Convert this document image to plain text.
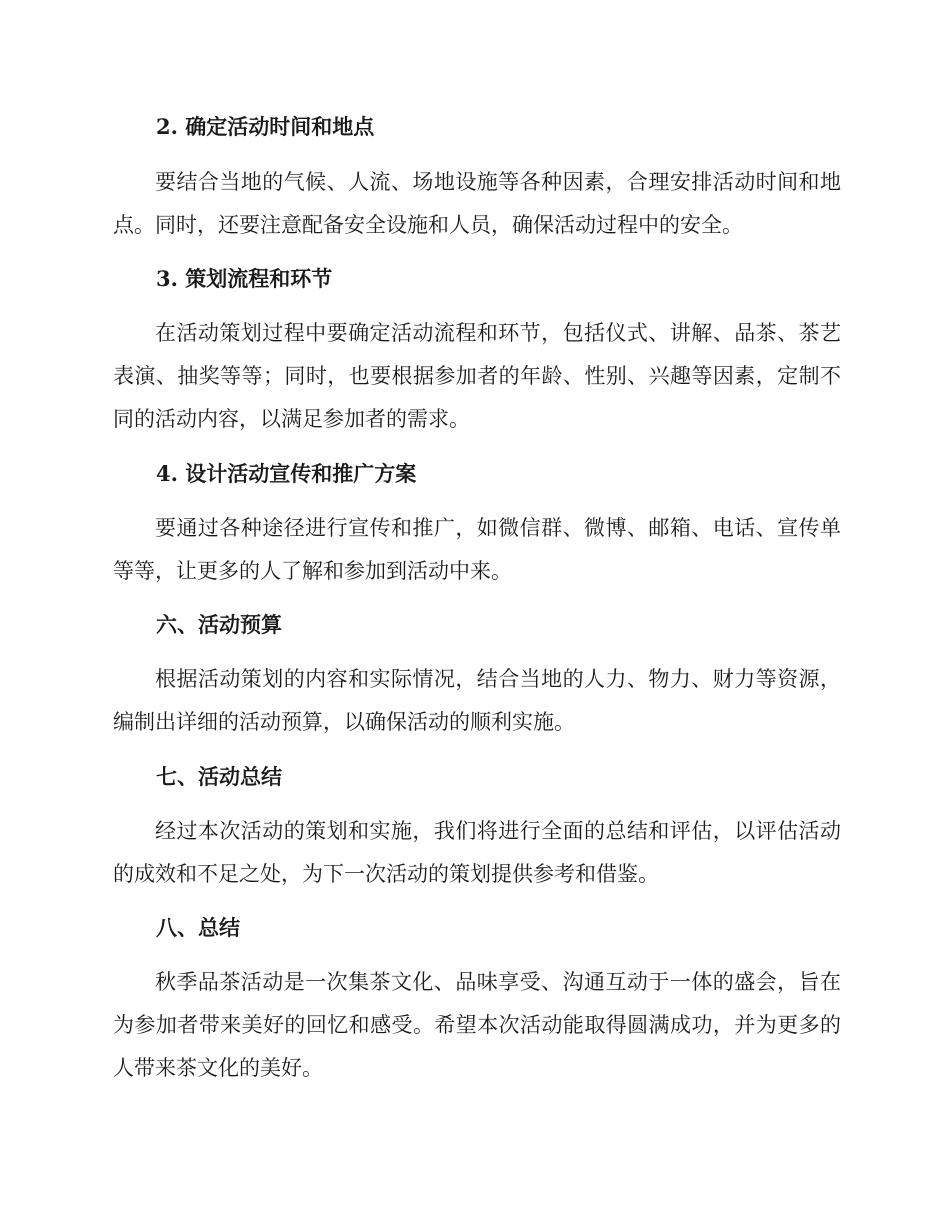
2. 确定活动时间和地点

要结合当地的气候、人流、场地设施等各种因素，合理安排活动时间和地点。同时，还要注意配备安全设施和人员，确保活动过程中的安全。

3. 策划流程和环节

在活动策划过程中要确定活动流程和环节，包括仪式、讲解、品茶、茶艺表演、抽奖等等；同时，也要根据参加者的年龄、性别、兴趣等因素，定制不同的活动内容，以满足参加者的需求。

4. 设计活动宣传和推广方案

要通过各种途径进行宣传和推广，如微信群、微博、邮箱、电话、宣传单等等，让更多的人了解和参加到活动中来。

六、活动预算

根据活动策划的内容和实际情况，结合当地的人力、物力、财力等资源，编制出详细的活动预算，以确保活动的顺利实施。

七、活动总结

经过本次活动的策划和实施，我们将进行全面的总结和评估，以评估活动的成效和不足之处，为下一次活动的策划提供参考和借鉴。

八、总结

秋季品茶活动是一次集茶文化、品味享受、沟通互动于一体的盛会，旨在为参加者带来美好的回忆和感受。希望本次活动能取得圆满成功，并为更多的人带来茶文化的美好。
